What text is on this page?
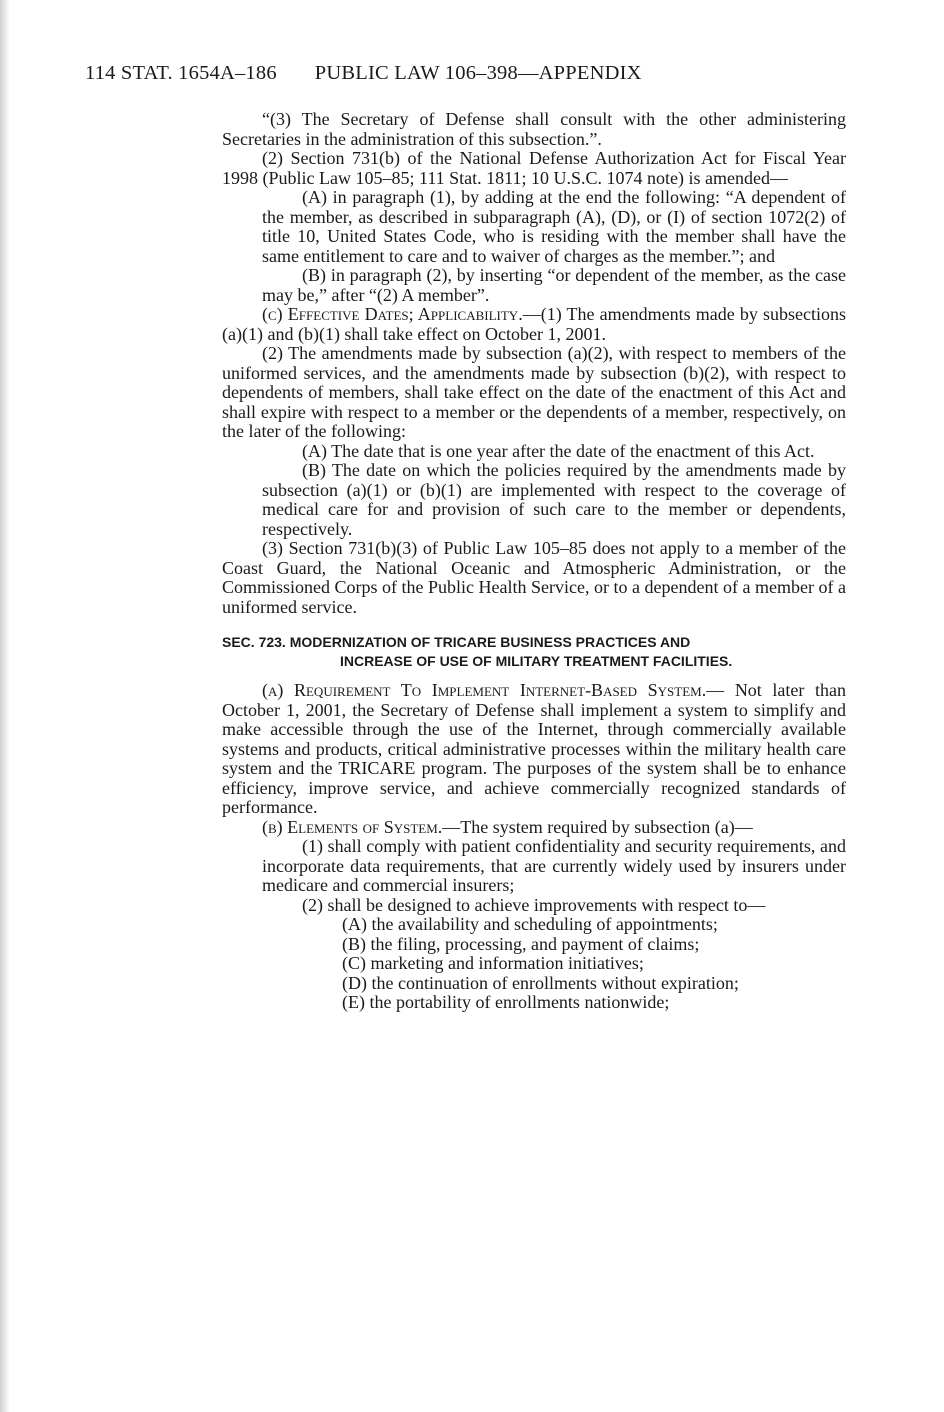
114 STAT. 1654A–186 PUBLIC LAW 106–398—APPENDIX

“(3) The Secretary of Defense shall consult with the other administering Secretaries in the administration of this subsection.”.

(2) Section 731(b) of the National Defense Authorization Act for Fiscal Year 1998 (Public Law 105–85; 111 Stat. 1811; 10 U.S.C. 1074 note) is amended—

(A) in paragraph (1), by adding at the end the following: “A dependent of the member, as described in subparagraph (A), (D), or (I) of section 1072(2) of title 10, United States Code, who is residing with the member shall have the same entitlement to care and to waiver of charges as the member.”; and

(B) in paragraph (2), by inserting “or dependent of the member, as the case may be,” after “(2) A member”.

(c) Effective Dates; Applicability.—(1) The amendments made by subsections (a)(1) and (b)(1) shall take effect on October 1, 2001.

(2) The amendments made by subsection (a)(2), with respect to members of the uniformed services, and the amendments made by subsection (b)(2), with respect to dependents of members, shall take effect on the date of the enactment of this Act and shall expire with respect to a member or the dependents of a member, respectively, on the later of the following:

(A) The date that is one year after the date of the enactment of this Act.

(B) The date on which the policies required by the amendments made by subsection (a)(1) or (b)(1) are implemented with respect to the coverage of medical care for and provision of such care to the member or dependents, respectively.

(3) Section 731(b)(3) of Public Law 105–85 does not apply to a member of the Coast Guard, the National Oceanic and Atmospheric Administration, or the Commissioned Corps of the Public Health Service, or to a dependent of a member of a uniformed service.

SEC. 723. MODERNIZATION OF TRICARE BUSINESS PRACTICES AND
INCREASE OF USE OF MILITARY TREATMENT FACILITIES.

(a) Requirement To Implement Internet-Based System.— Not later than October 1, 2001, the Secretary of Defense shall implement a system to simplify and make accessible through the use of the Internet, through commercially available systems and products, critical administrative processes within the military health care system and the TRICARE program. The purposes of the system shall be to enhance efficiency, improve service, and achieve commercially recognized standards of performance.

(b) Elements of System.—The system required by subsection (a)—

(1) shall comply with patient confidentiality and security requirements, and incorporate data requirements, that are currently widely used by insurers under medicare and commercial insurers;

(2) shall be designed to achieve improvements with respect to—

(A) the availability and scheduling of appointments;

(B) the filing, processing, and payment of claims;

(C) marketing and information initiatives;

(D) the continuation of enrollments without expiration;

(E) the portability of enrollments nationwide;
